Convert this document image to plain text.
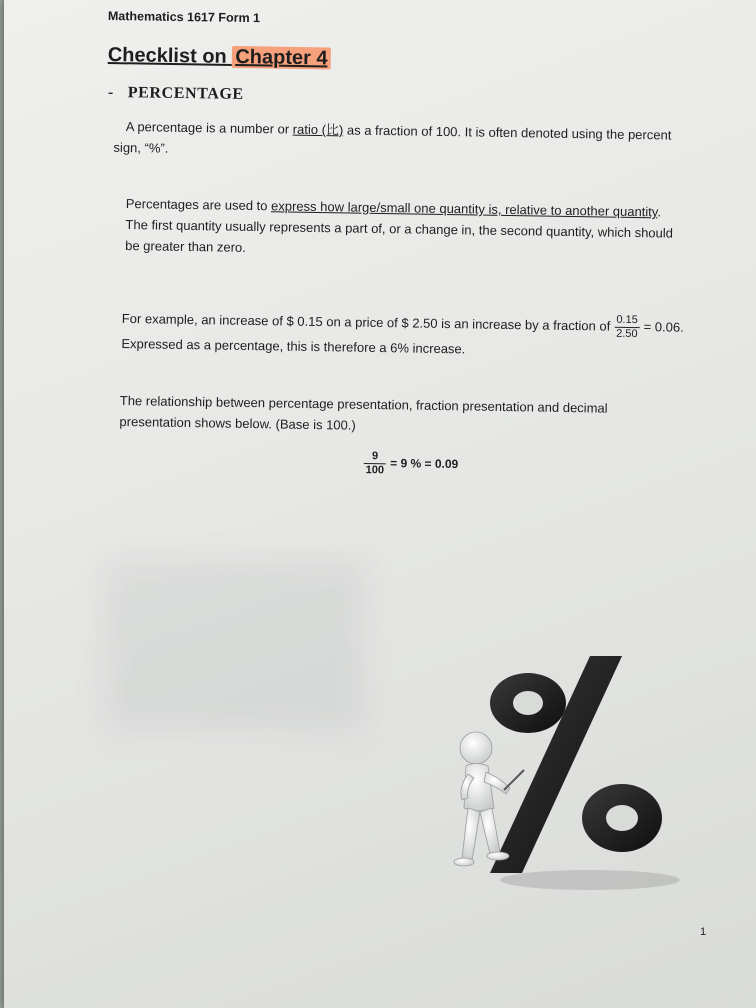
Mathematics 1617 Form 1
Checklist on Chapter 4
- PERCENTAGE
A percentage is a number or ratio (比) as a fraction of 100. It is often denoted using the percent
sign, “%”.
Percentages are used to express how large/small one quantity is, relative to another quantity.
The first quantity usually represents a part of, or a change in, the second quantity, which should
be greater than zero.
For example, an increase of $ 0.15 on a price of $ 2.50 is an increase by a fraction of $\frac{0.15}{2.50} = 0.06$.
Expressed as a percentage, this is therefore a 6% increase.
The relationship between percentage presentation, fraction presentation and decimal
presentation shows below. (Base is 100.)
$\frac{9}{100} = 9$ % = 0.09
1
